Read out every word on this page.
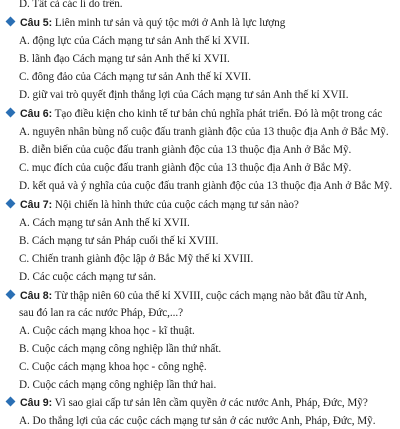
D. Tất cả các lí do trên.
Câu 5: Liên minh tư sản và quý tộc mới ở Anh là lực lượng
A. động lực của Cách mạng tư sản Anh thế kỉ XVII.
B. lãnh đạo Cách mạng tư sản Anh thế kỉ XVII.
C. đông đảo của Cách mạng tư sản Anh thế kỉ XVII.
D. giữ vai trò quyết định thắng lợi của Cách mạng tư sản Anh thế kỉ XVII.
Câu 6: Tạo điều kiện cho kinh tế tư bản chủ nghĩa phát triển. Đó là một trong các
A. nguyên nhân bùng nổ cuộc đấu tranh giành độc của 13 thuộc địa Anh ở Bắc Mỹ.
B. diễn biến của cuộc đấu tranh giành độc của 13 thuộc địa Anh ở Bắc Mỹ.
C. mục đích của cuộc đấu tranh giành độc của 13 thuộc địa Anh ở Bắc Mỹ.
D. kết quả và ý nghĩa của cuộc đấu tranh giành độc của 13 thuộc địa Anh ở Bắc Mỹ.
Câu 7: Nội chiến là hình thức của cuộc cách mạng tư sản nào?
A. Cách mạng tư sản Anh thế kỉ XVII.
B. Cách mạng tư sản Pháp cuối thế kỉ XVIII.
C. Chiến tranh giành độc lập ở Bắc Mỹ thế kỉ XVIII.
D. Các cuộc cách mạng tư sản.
Câu 8: Từ thập niên 60 của thế kỉ XVIII, cuộc cách mạng nào bắt đầu từ Anh,
sau đó lan ra các nước Pháp, Đức,...?
A. Cuộc cách mạng khoa học - kĩ thuật.
B. Cuộc cách mạng công nghiệp lần thứ nhất.
C. Cuộc cách mạng khoa học - công nghệ.
D. Cuộc cách mạng công nghiệp lần thứ hai.
Câu 9: Vì sao giai cấp tư sản lên cầm quyền ở các nước Anh, Pháp, Đức, Mỹ?
A. Do thắng lợi của các cuộc cách mạng tư sản ở các nước Anh, Pháp, Đức, Mỹ.
